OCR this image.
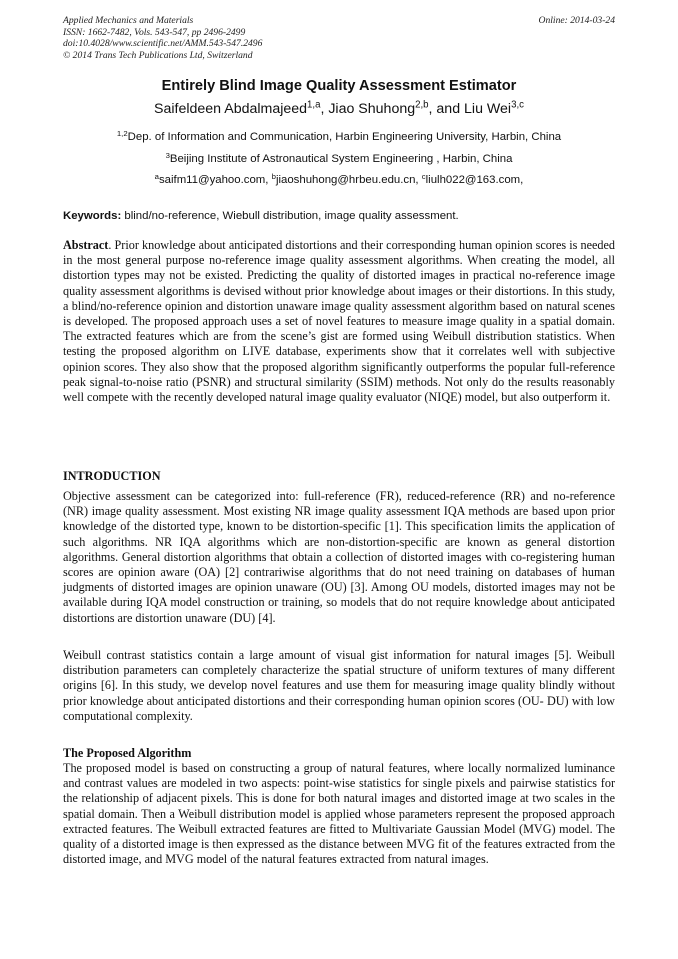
Applied Mechanics and Materials
ISSN: 1662-7482, Vols. 543-547, pp 2496-2499
doi:10.4028/www.scientific.net/AMM.543-547.2496
© 2014 Trans Tech Publications Ltd, Switzerland
Online: 2014-03-24
Entirely Blind Image Quality Assessment Estimator
Saifeldeen Abdalmajeed$^{1,a}$, Jiao Shuhong$^{2,b}$, and Liu Wei$^{3,c}$
$^{1,2}$Dep. of Information and Communication, Harbin Engineering University, Harbin, China
$^3$Beijing Institute of Astronautical System Engineering , Harbin, China
$^a$saifm11@yahoo.com, $^b$jiaoshuhong@hrbeu.edu.cn, $^c$liulh022@163.com,
Keywords: blind/no-reference, Wiebull distribution, image quality assessment.
Abstract. Prior knowledge about anticipated distortions and their corresponding human opinion scores is needed in the most general purpose no-reference image quality assessment algorithms. When creating the model, all distortion types may not be existed. Predicting the quality of distorted images in practical no-reference image quality assessment algorithms is devised without prior knowledge about images or their distortions. In this study, a blind/no-reference opinion and distortion unaware image quality assessment algorithm based on natural scenes is developed. The proposed approach uses a set of novel features to measure image quality in a spatial domain. The extracted features which are from the scene’s gist are formed using Weibull distribution statistics. When testing the proposed algorithm on LIVE database, experiments show that it correlates well with subjective opinion scores. They also show that the proposed algorithm significantly outperforms the popular full-reference peak signal-to-noise ratio (PSNR) and structural similarity (SSIM) methods. Not only do the results reasonably well compete with the recently developed natural image quality evaluator (NIQE) model, but also outperform it.
INTRODUCTION
Objective assessment can be categorized into: full-reference (FR), reduced-reference (RR) and no-reference (NR) image quality assessment. Most existing NR image quality assessment IQA methods are based upon prior knowledge of the distorted type, known to be distortion-specific [1]. This specification limits the application of such algorithms. NR IQA algorithms which are non-distortion-specific are known as general distortion algorithms. General distortion algorithms that obtain a collection of distorted images with co-registering human scores are opinion aware (OA) [2] contrariwise algorithms that do not need training on databases of human judgments of distorted images are opinion unaware (OU) [3]. Among OU models, distorted images may not be available during IQA model construction or training, so models that do not require knowledge about anticipated distortions are distortion unaware (DU) [4].
Weibull contrast statistics contain a large amount of visual gist information for natural images [5]. Weibull distribution parameters can completely characterize the spatial structure of uniform textures of many different origins [6]. In this study, we develop novel features and use them for measuring image quality blindly without prior knowledge about anticipated distortions and their corresponding human opinion scores (OU- DU) with low computational complexity.
The Proposed Algorithm
The proposed model is based on constructing a group of natural features, where locally normalized luminance and contrast values are modeled in two aspects: point-wise statistics for single pixels and pairwise statistics for the relationship of adjacent pixels. This is done for both natural images and distorted image at two scales in the spatial domain. Then a Weibull distribution model is applied whose parameters represent the proposed approach extracted features. The Weibull extracted features are fitted to Multivariate Gaussian Model (MVG) model. The quality of a distorted image is then expressed as the distance between MVG fit of the features extracted from the distorted image, and MVG model of the natural features extracted from natural images.
